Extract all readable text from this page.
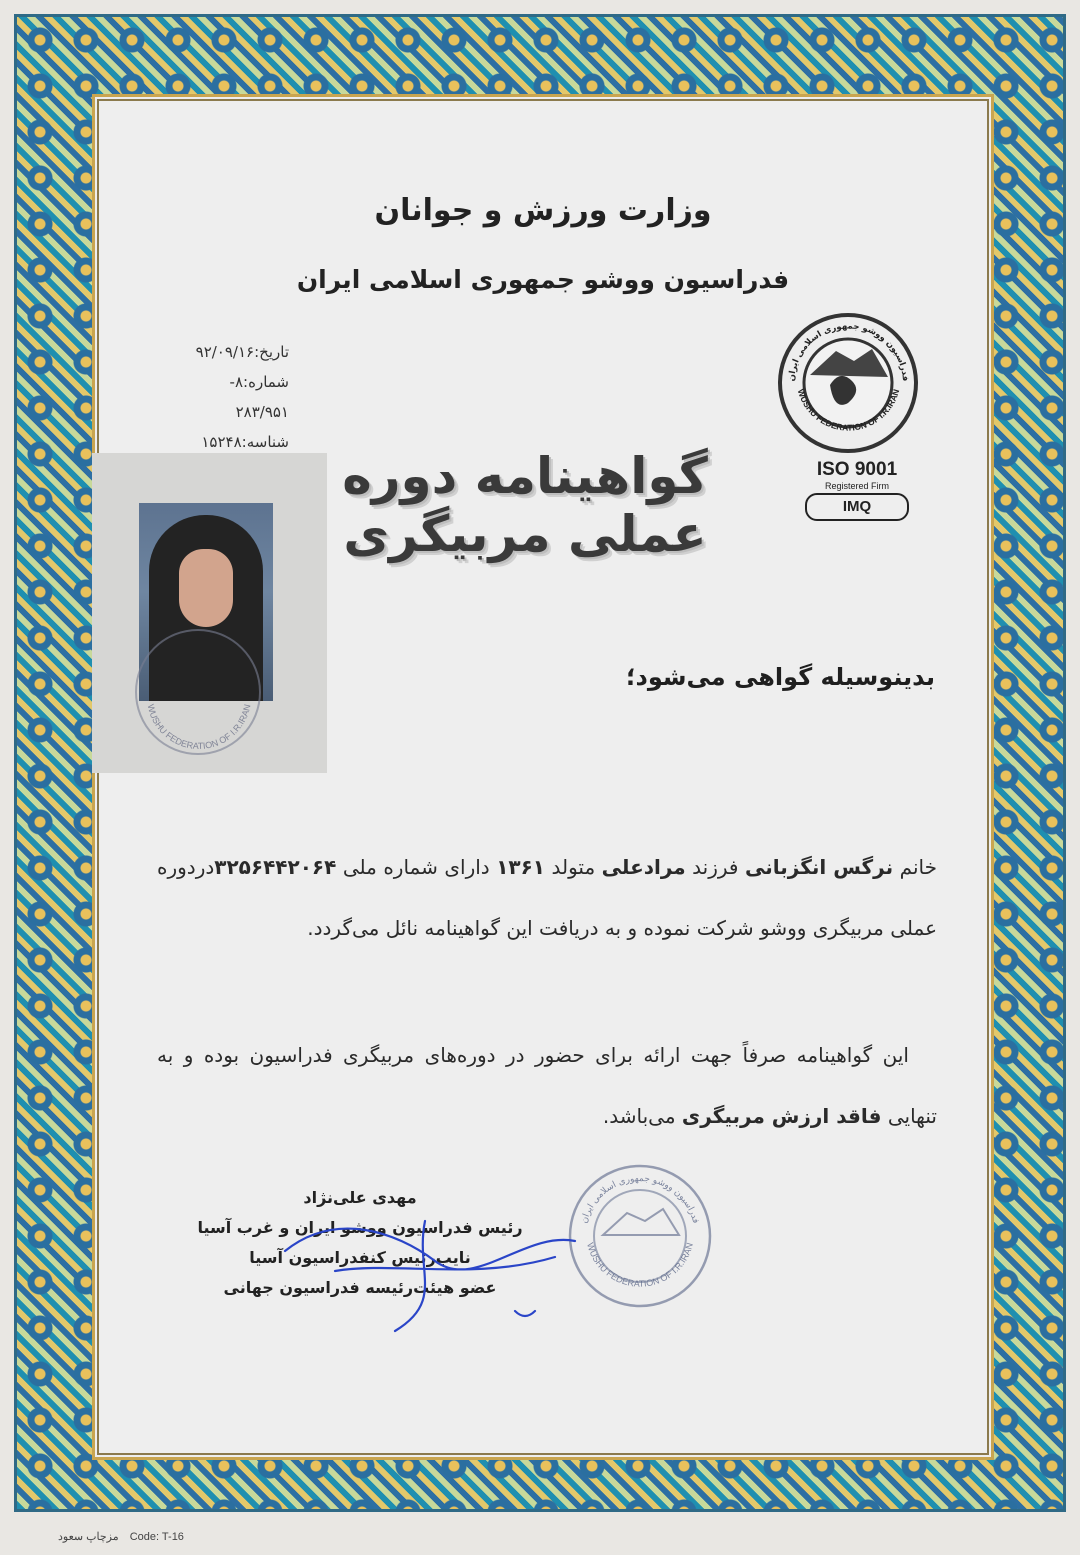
وزارت ورزش و جوانان
فدراسیون ووشو جمهوری اسلامی ایران
تاریخ:۹۲/۰۹/۱۶
شماره:۸- ۲۸۳/۹۵۱
شناسه:۱۵۲۴۸
فدراسیون ووشو جمهوری اسلامی ایران
WUSHU FEDERATION OF I.R.IRAN
ISO 9001
Registered Firm
IMQ
گواهینامه دوره عملی مربیگری
WUSHU FEDERATION OF I.R.IRAN
بدینوسیله گواهی می‌شود؛
خانم نرگس انگزبانی فرزند مرادعلی متولد ۱۳۶۱ دارای شماره ملی ۳۲۵۶۴۴۲۰۶۴دردوره عملی مربیگری ووشو شرکت نموده و به دریافت این گواهینامه نائل می‌گردد.
این گواهینامه صرفاً جهت ارائه برای حضور در دوره‌های مربیگری فدراسیون بوده و به تنهایی فاقد ارزش مربیگری می‌باشد.
فدراسیون ووشو جمهوری اسلامی ایران
WUSHU FEDERATION OF I.R.IRAN
مهدی علی‌نژاد
رئیس فدراسیون ووشو ایران و غرب آسیا
نایب‌رئیس کنفدراسیون آسیا
عضو هیئت‌رئیسه فدراسیون جهانی
مزچاپ سعود Code: T-16
